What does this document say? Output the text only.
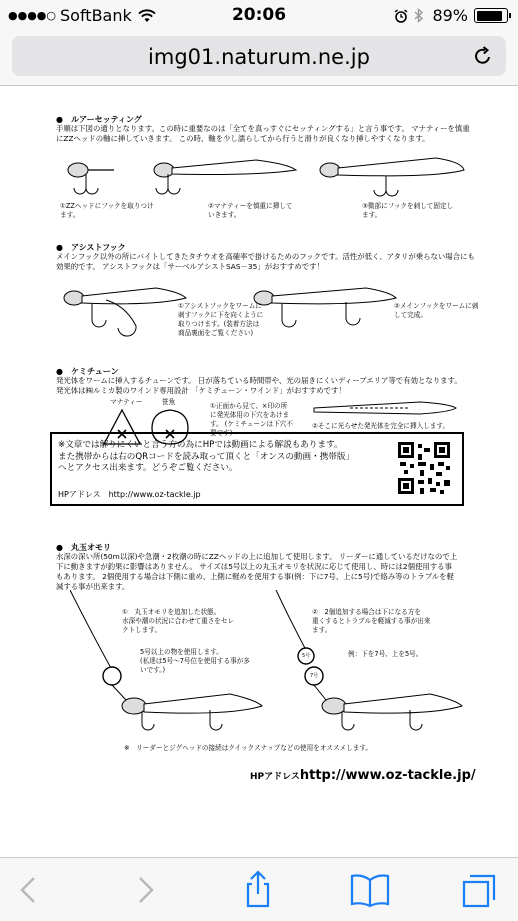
●●●●○ SoftBank	20:06	89%
img01.naturum.ne.jp
●　ルアーセッティング
手順は下図の通りとなります。この時に重要なのは「全てを真っすぐにセッティングする」と言う事です。 マナティーを慎重
にZZヘッドの軸に挿していきます。 この時、軸を少し濡らしてから行うと滑りが良くなり挿しやすくなります。
①ZZヘッドにフックを取りつけ
ます。
②マナティーを慎重に挿して
いきます。
③微部にフックを刺して固定し
ます。
●　アシストフック
メインフック以外の所にバイトしてきたタチウオを高確率で掛けるためのフックです。活性が低く、アタリが乗らない場合にも
効果的です。 アシストフックは「サーベルアシストSAS－35」がおすすめです！
①アシストフックをワームに
刺すフックに下を向くように
取りつけます。(装着方法は
商品裏面をご覧ください)
②メインフックをワームに刺
して完成。
●　ケミチューン
発光体をワームに挿入するチューンです。 日が落ちている時間帯や、光の届きにくいディープエリア等で有効となります。
発光体は㈱ルミカ製のワインド専用設計 「ケミチューン・ワインド」がおすすめです！
マナティー	笹魚	①正面から見て、×印の所
に発光体用の下穴をあけま
す。 (ケミチューンは下穴不
要です)
②そこに光らせた発光体を完全に挿入します。
※文章では解りにくいと言う方の為にHPでは動画による解説もあります。
また携帯からは右のQRコードを読み取って頂くと「オンスの動画・携帯版」
へとアクセス出来ます。どうぞご覧ください。
HPアドレス　http://www.oz-tackle.jp
●　丸玉オモリ
水深の深い所(50m以深)や急潮・2枚潮の時にZZヘッドの上に追加して使用します。 リーダーに通しているだけなので上
下に動きますが釣果に影響はありません。 サイズは5号以上の丸玉オモリを状況に応じて使用し、時には2個使用する事
もあります。 2個使用する場合は下側に重め、上側に軽めを使用する事(例：下に7号、上に5号)で絡み等のトラブルを軽
減する事が出来ます。
5号
7号
①　丸玉オモリを追加した状態。
水深や潮の状況に合わせて重さをセレ
クトします。
5号以上の物を使用します。
(私達は5号〜7号位を使用する事が多
いです。)
②　2個追加する場合は下になる方を
重くするとトラブルを軽減する事が出来
ます。
例：下を7号、上を5号。
※　リーダーとジグヘッドの接続はクイックスナップなどの使用をオススメします。
HPアドレスhttp://www.oz-tackle.jp/
